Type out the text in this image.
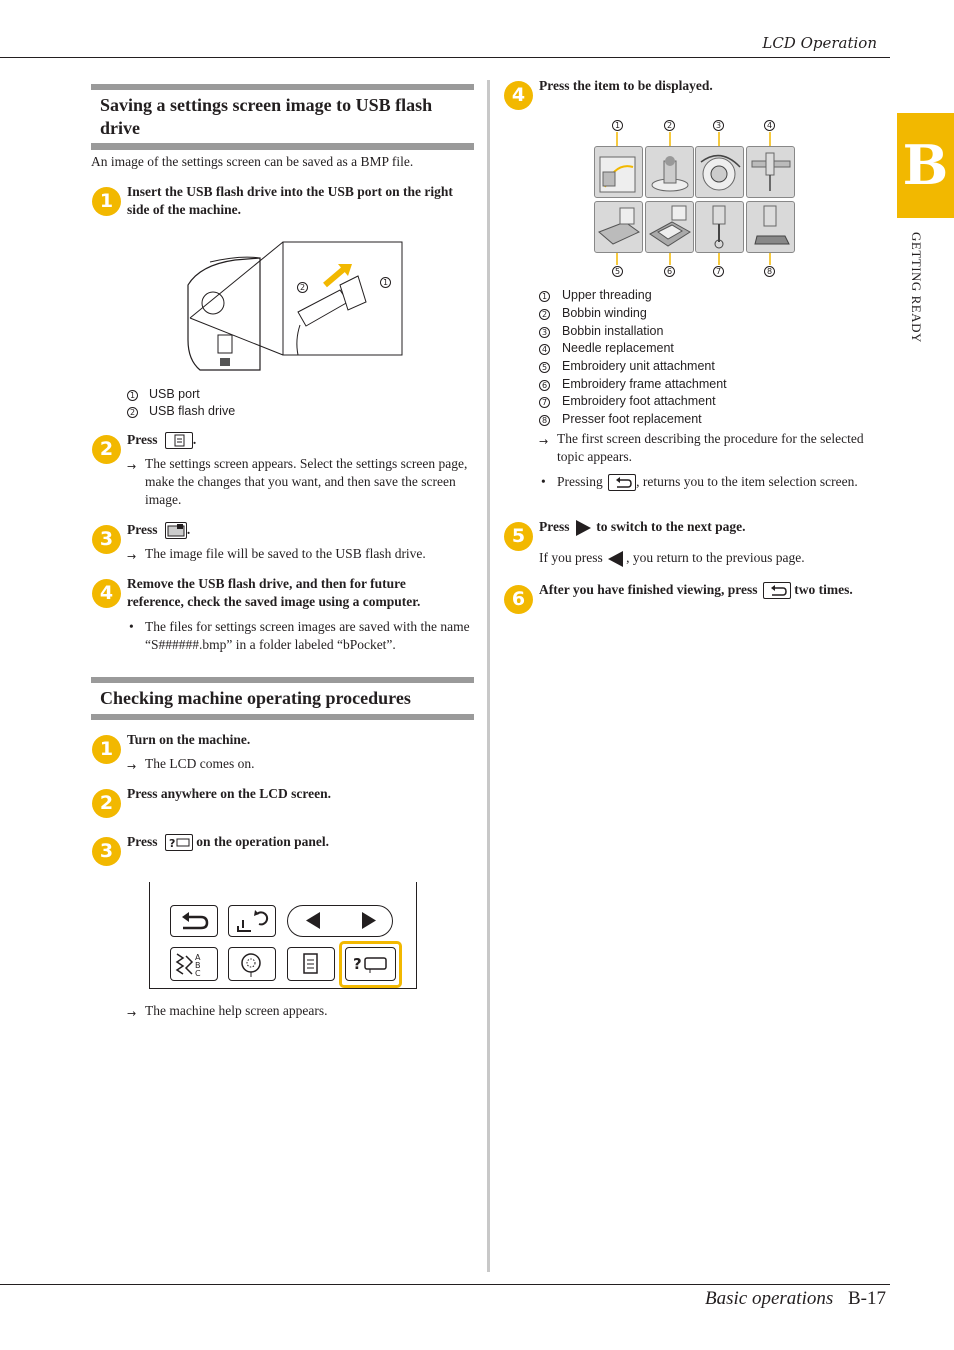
LCD Operation
B
GETTING READY
Saving a settings screen image to USB flash drive
An image of the settings screen can be saved as a BMP file.
1	Insert the USB flash drive into the USB port on the right side of the machine.
2
1
1 USB port
2 USB flash drive
2	Press	.
→ The settings screen appears. Select the settings screen page, make the changes that you want, and then save the screen image.
3	Press .
→ The image file will be saved to the USB flash drive.
4	Remove the USB flash drive, and then for future reference, check the saved image using a computer.
• The files for settings screen images are saved with the name “S######.bmp” in a folder labeled “bPocket”.
Checking machine operating procedures
1	Turn on the machine.
→ The LCD comes on.
2	Press anywhere on the LCD screen.
3	Press ? on the operation panel.
A
B
C
?
→ The machine help screen appears.
4	Press the item to be displayed.
1	2	3	4
5	6	7	8
1 Upper threading
2 Bobbin winding
3 Bobbin installation
4 Needle replacement
5 Embroidery unit attachment
6 Embroidery frame attachment
7 Embroidery foot attachment
8 Presser foot replacement
→ The first screen describing the procedure for the selected topic appears.
• Pressing , returns you to the item selection screen.
5	Press to switch to the next page.
If you press , you return to the previous page.
6	After you have finished viewing, press	two times.
Basic operations B-17
